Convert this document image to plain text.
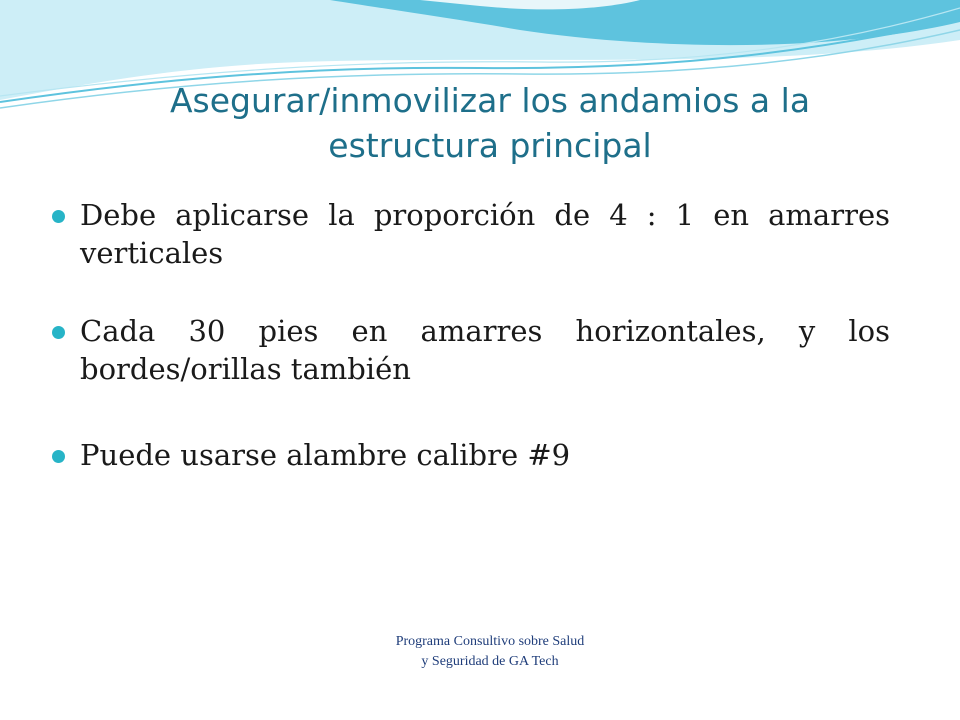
Asegurar/inmovilizar los andamios a la
estructura principal
Debe aplicarse la proporción de 4 : 1 en amarres verticales
Cada 30 pies en amarres horizontales, y los bordes/orillas también
Puede usarse alambre calibre #9
Programa Consultivo sobre Salud
y Seguridad de GA Tech
